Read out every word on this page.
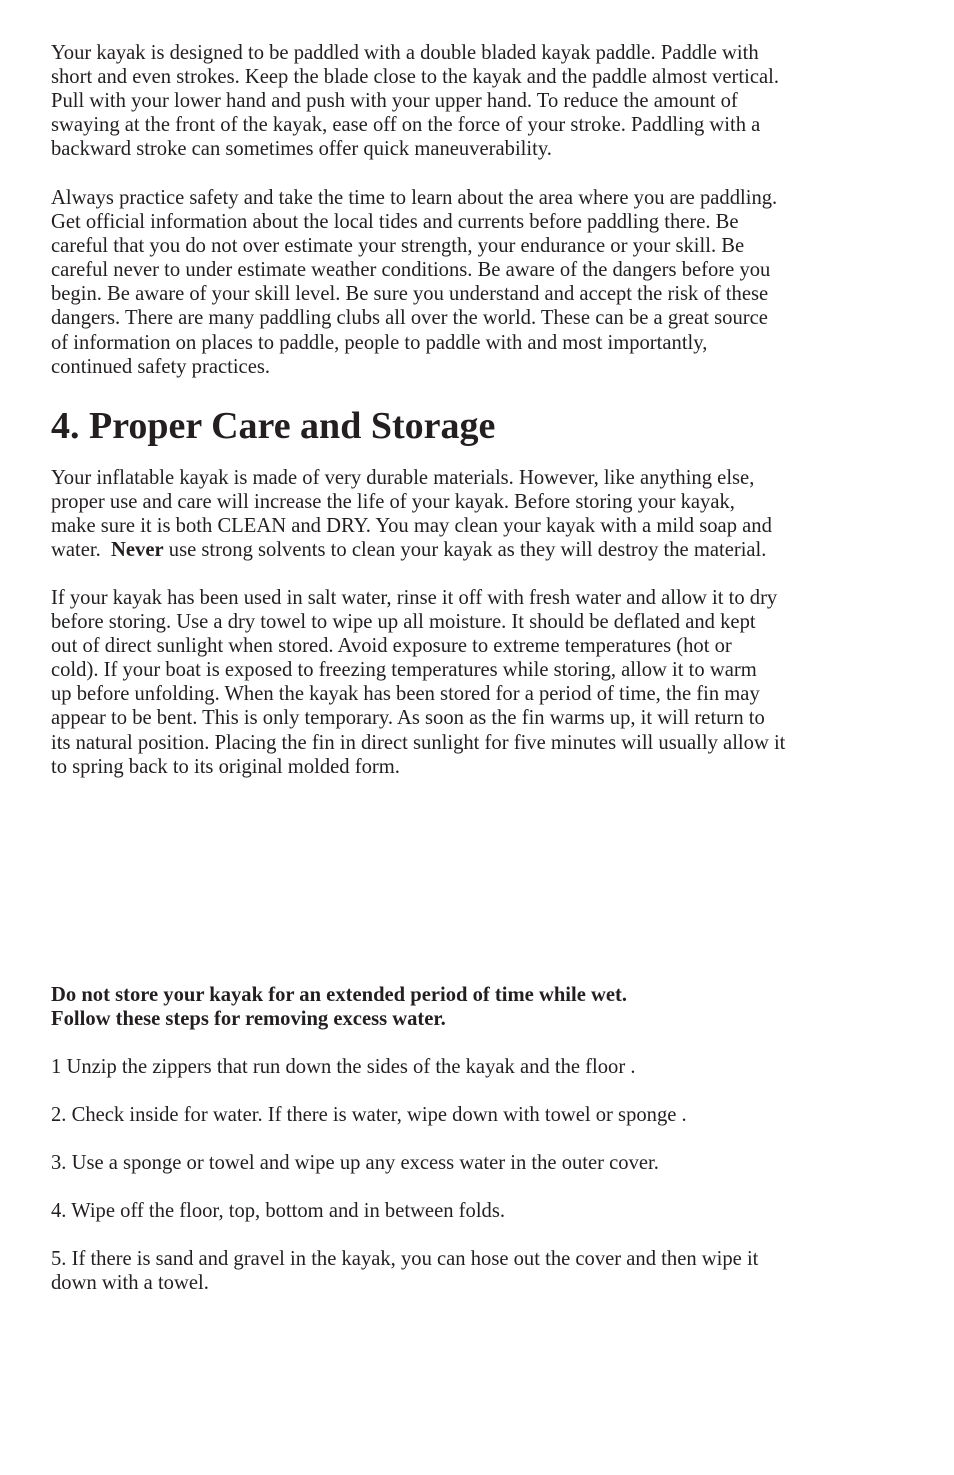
Your kayak is designed to be paddled with a double bladed kayak paddle. Paddle with
short and even strokes. Keep the blade close to the kayak and the paddle almost vertical.
Pull with your lower hand and push with your upper hand. To reduce the amount of
swaying at the front of the kayak, ease off on the force of your stroke. Paddling with a
backward stroke can sometimes offer quick maneuverability.

Always practice safety and take the time to learn about the area where you are paddling.
Get official information about the local tides and currents before paddling there. Be
careful that you do not over estimate your strength, your endurance or your skill. Be
careful never to under estimate weather conditions. Be aware of the dangers before you
begin. Be aware of your skill level. Be sure you understand and accept the risk of these
dangers. There are many paddling clubs all over the world. These can be a great source
of information on places to paddle, people to paddle with and most importantly,
continued safety practices.

4. Proper Care and Storage

Your inflatable kayak is made of very durable materials. However, like anything else,
proper use and care will increase the life of your kayak. Before storing your kayak,
make sure it is both CLEAN and DRY. You may clean your kayak with a mild soap and
water.  Never use strong solvents to clean your kayak as they will destroy the material.

If your kayak has been used in salt water, rinse it off with fresh water and allow it to dry
before storing. Use a dry towel to wipe up all moisture. It should be deflated and kept
out of direct sunlight when stored. Avoid exposure to extreme temperatures (hot or
cold). If your boat is exposed to freezing temperatures while storing, allow it to warm
up before unfolding. When the kayak has been stored for a period of time, the fin may
appear to be bent. This is only temporary. As soon as the fin warms up, it will return to
its natural position. Placing the fin in direct sunlight for five minutes will usually allow it
to spring back to its original molded form.

Do not store your kayak for an extended period of time while wet.
Follow these steps for removing excess water.

1 Unzip the zippers that run down the sides of the kayak and the floor .

2. Check inside for water. If there is water, wipe down with towel or sponge .

3. Use a sponge or towel and wipe up any excess water in the outer cover.

4. Wipe off the floor, top, bottom and in between folds.

5. If there is sand and gravel in the kayak, you can hose out the cover and then wipe it
down with a towel.
